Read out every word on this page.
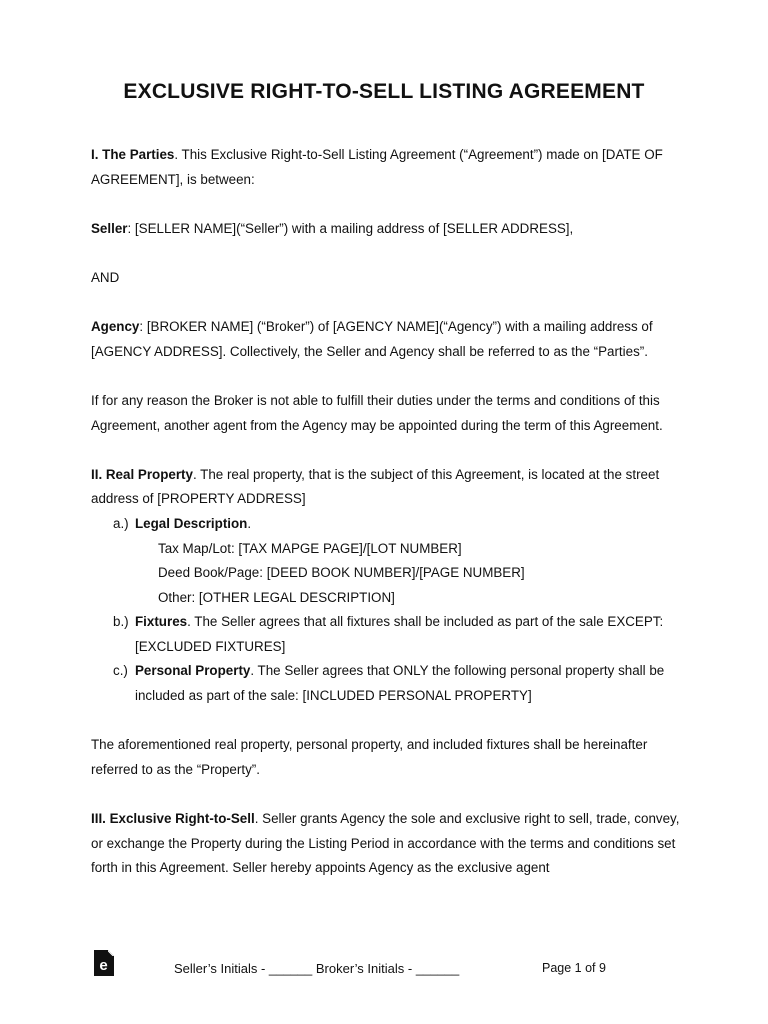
EXCLUSIVE RIGHT-TO-SELL LISTING AGREEMENT

I. The Parties. This Exclusive Right-to-Sell Listing Agreement (“Agreement”) made on [DATE OF AGREEMENT], is between:

Seller: [SELLER NAME](“Seller”) with a mailing address of [SELLER ADDRESS],

AND

Agency: [BROKER NAME] (“Broker”) of [AGENCY NAME](“Agency”) with a mailing address of [AGENCY ADDRESS]. Collectively, the Seller and Agency shall be referred to as the “Parties”.

If for any reason the Broker is not able to fulfill their duties under the terms and conditions of this Agreement, another agent from the Agency may be appointed during the term of this Agreement.

II. Real Property. The real property, that is the subject of this Agreement, is located at the street address of [PROPERTY ADDRESS]

a.) Legal Description.
Tax Map/Lot: [TAX MAPGE PAGE]/[LOT NUMBER]
Deed Book/Page: [DEED BOOK NUMBER]/[PAGE NUMBER]
Other: [OTHER LEGAL DESCRIPTION]
b.) Fixtures. The Seller agrees that all fixtures shall be included as part of the sale EXCEPT: [EXCLUDED FIXTURES]
c.) Personal Property. The Seller agrees that ONLY the following personal property shall be included as part of the sale: [INCLUDED PERSONAL PROPERTY]

The aforementioned real property, personal property, and included fixtures shall be hereinafter referred to as the “Property”.

III. Exclusive Right-to-Sell. Seller grants Agency the sole and exclusive right to sell, trade, convey, or exchange the Property during the Listing Period in accordance with the terms and conditions set forth in this Agreement. Seller hereby appoints Agency as the exclusive agent

e	Seller’s Initials - ______ Broker’s Initials - ______	Page 1 of 9
